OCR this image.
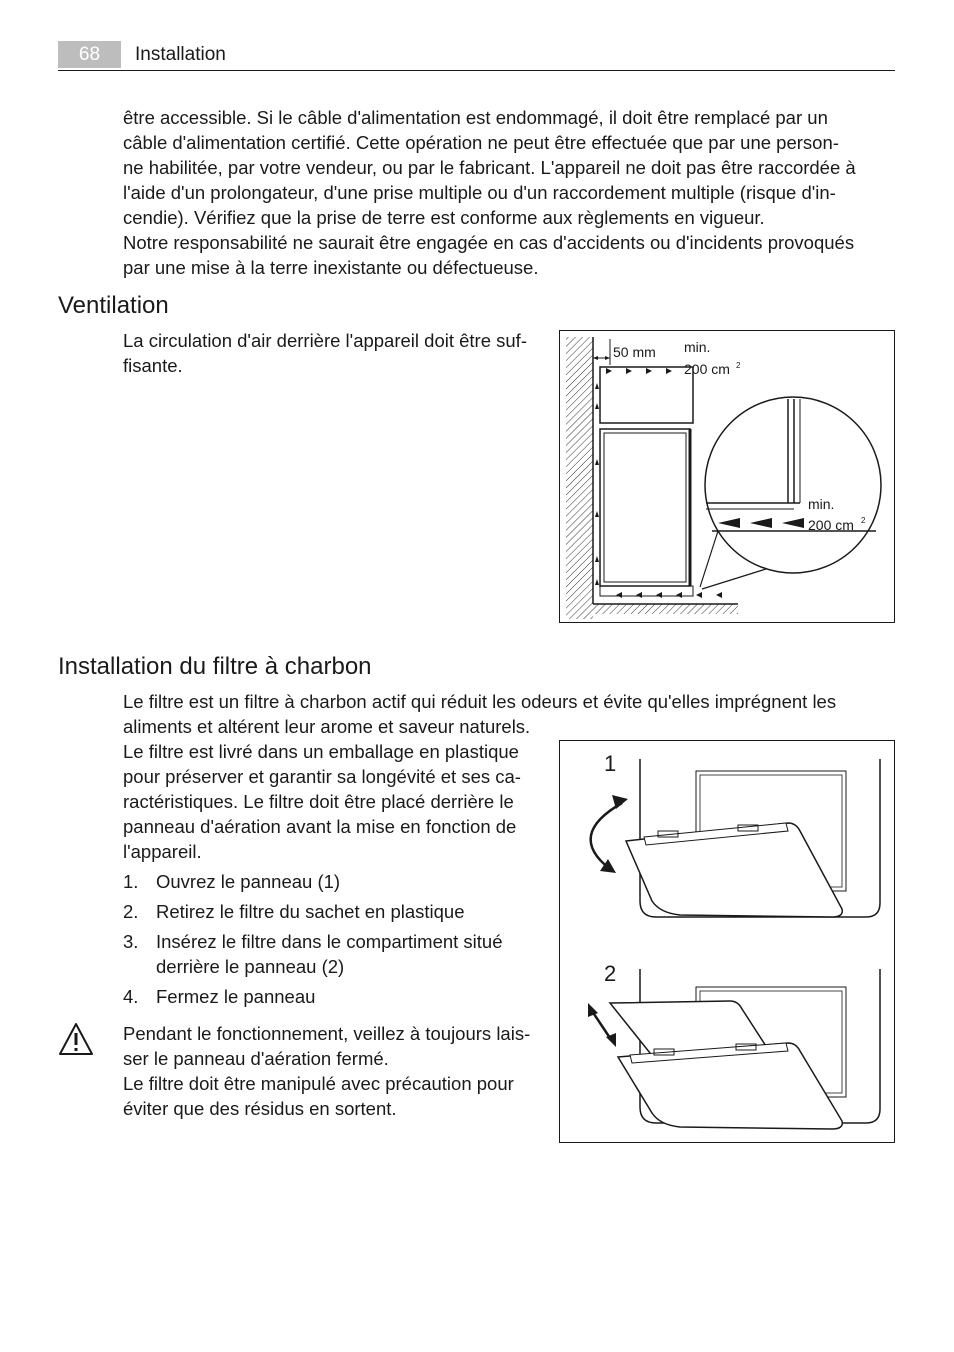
68	Installation

être accessible. Si le câble d'alimentation est endommagé, il doit être remplacé par un
câble d'alimentation certifié. Cette opération ne peut être effectuée que par une person-
ne habilitée, par votre vendeur, ou par le fabricant. L'appareil ne doit pas être raccordée à
l'aide d'un prolongateur, d'une prise multiple ou d'un raccordement multiple (risque d'in-
cendie). Vérifiez que la prise de terre est conforme aux règlements en vigueur.
Notre responsabilité ne saurait être engagée en cas d'accidents ou d'incidents provoqués
par une mise à la terre inexistante ou défectueuse.

Ventilation

La circulation d'air derrière l'appareil doit être suf-
fisante.

50 mm min.
200 cm 2
min.
200 cm 2
Installation du filtre à charbon

Le filtre est un filtre à charbon actif qui réduit les odeurs et évite qu'elles imprégnent les
aliments et altérent leur arome et saveur naturels.

Le filtre est livré dans un emballage en plastique
pour préserver et garantir sa longévité et ses ca-
ractéristiques. Le filtre doit être placé derrière le
panneau d'aération avant la mise en fonction de
l'appareil.

1. Ouvrez le panneau (1)
2. Retirez le filtre du sachet en plastique
3. Insérez le filtre dans le compartiment situé
derrière le panneau (2)
4. Fermez le panneau

Pendant le fonctionnement, veillez à toujours lais-
ser le panneau d'aération fermé.
Le filtre doit être manipulé avec précaution pour
éviter que des résidus en sortent.

1
2
